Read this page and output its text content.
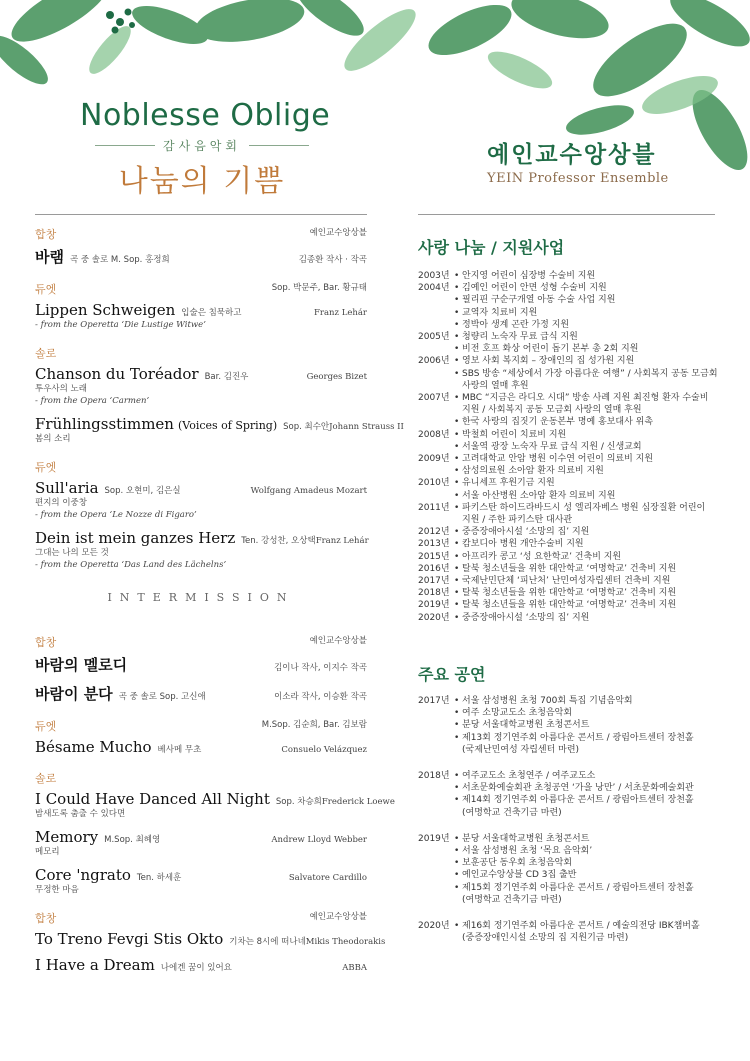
Noblesse Oblige
감사음악회
나눔의 기쁨
예인교수앙상블
YEIN Professor Ensemble
합창	예인교수앙상블
바램 곡 중 솔로 M. Sop. 홍정희	김종환 작사 · 작곡
듀엣	Sop. 박문주, Bar. 황규태
Lippen Schweigen 입술은 침묵하고	Franz Lehár
- from the Operetta ‘Die Lustige Witwe’
솔로
Chanson du Toréador Bar. 김진우	Georges Bizet
투우사의 노래
- from the Opera ‘Carmen’
Frühlingsstimmen (Voices of Spring) Sop. 최수안 Johann Strauss II
봄의 소리
듀엣
Sull'aria Sop. 오현미, 김은실	Wolfgang Amadeus Mozart
편지의 이중창
- from the Opera ‘Le Nozze di Figaro’
Dein ist mein ganzes Herz Ten. 강성찬, 오상택 Franz Lehár
그대는 나의 모든 것
- from the Operetta ‘Das Land des Lächelns’
INTERMISSION
합창	예인교수앙상블
바람의 멜로디	김이나 작사, 이지수 작곡
바람이 분다 곡 중 솔로 Sop. 고신애	이소라 작사, 이승환 작곡
듀엣	M.Sop. 김순희, Bar. 김보람
Bésame Mucho 베사메 무초	Consuelo Velázquez
솔로
I Could Have Danced All Night Sop. 차승희 Frederick Loewe
밤새도록 춤출 수 있다면
Memory M.Sop. 최혜영	Andrew Lloyd Webber
메모리
Core 'ngrato Ten. 하세훈	Salvatore Cardillo
무정한 마음
합창	예인교수앙상블
To Treno Fevgi Stis Okto 기차는 8시에 떠나네 Mikis Theodorakis
I Have a Dream 나에겐 꿈이 있어요	ABBA
사랑 나눔 / 지원사업
2003년 • 안지영 어린이 심장병 수술비 지원
2004년 • 김예인 어린이 안면 성형 수술비 지원
• 필리핀 구순구개열 아동 수술 사업 지원
• 교역자 치료비 지원
• 정박아 생계 곤란 가정 지원
2005년 • 청량리 노숙자 무료 급식 지원
• 비전 호프 화상 어린이 돕기 본부 총 2회 지원
2006년 • 영보 사회 복지회 – 장애인의 집 성가원 지원
• SBS 방송 “세상에서 가장 아름다운 여행” / 사회복지 공동 모금회
사랑의 열매 후원
2007년 • MBC “지금은 라디오 시대” 방송 사례 지원 최진형 환자 수술비
지원 / 사회복지 공동 모금회 사랑의 열매 후원
• 한국 사랑의 집짓기 운동본부 명예 홍보대사 위촉
2008년 • 박철희 어린이 치료비 지원
• 서울역 광장 노숙자 무료 급식 지원 / 신생교회
2009년 • 고려대학교 안암 병원 이수연 어린이 의료비 지원
• 삼성의료원 소아암 환자 의료비 지원
2010년 • 유니세프 후원기금 지원
• 서울 아산병원 소아암 환자 의료비 지원
2011년 • 파키스탄 하이드라바드시 성 엘리자베스 병원 심장질환 어린이
지원 / 주한 파키스탄 대사관
2012년 • 중증장애아시설 ‘소망의 집’ 지원
2013년 • 캄보디아 병원 개안수술비 지원
2015년 • 아프리카 콩고 ‘성 요한학교’ 건축비 지원
2016년 • 탈북 청소년들을 위한 대안학교 ‘여명학교’ 건축비 지원
2017년 • 국제난민단체 ‘피난처’ 난민여성자립센터 건축비 지원
2018년 • 탈북 청소년들을 위한 대안학교 ‘여명학교’ 건축비 지원
2019년 • 탈북 청소년들을 위한 대안학교 ‘여명학교’ 건축비 지원
2020년 • 중증장애아시설 ‘소망의 집’ 지원
주요 공연
2017년 • 서울 삼성병원 초청 700회 특집 기념음악회
• 여주 소망교도소 초청음악회
• 분당 서울대학교병원 초청콘서트
• 제13회 정기연주회 아름다운 콘서트 / 광림아트센터 장천홀
(국제난민여성 자립센터 마련)
2018년 • 여주교도소 초청연주 / 여주교도소
• 서초문화예술회관 초청공연 ‘가을 낭만’ / 서초문화예술회관
• 제14회 정기연주회 아름다운 콘서트 / 광림아트센터 장천홀
(여명학교 건축기금 마련)
2019년 • 분당 서울대학교병원 초청콘서트
• 서울 삼성병원 초청 ‘목요 음악회’
• 보훈공단 동우회 초청음악회
• 예인교수앙상블 CD 3집 출반
• 제15회 정기연주회 아름다운 콘서트 / 광림아트센터 장천홀
(여명학교 건축기금 마련)
2020년 • 제16회 정기연주회 아름다운 콘서트 / 예술의전당 IBK챔버홀
(중증장애인시설 소망의 집 지원기금 마련)
